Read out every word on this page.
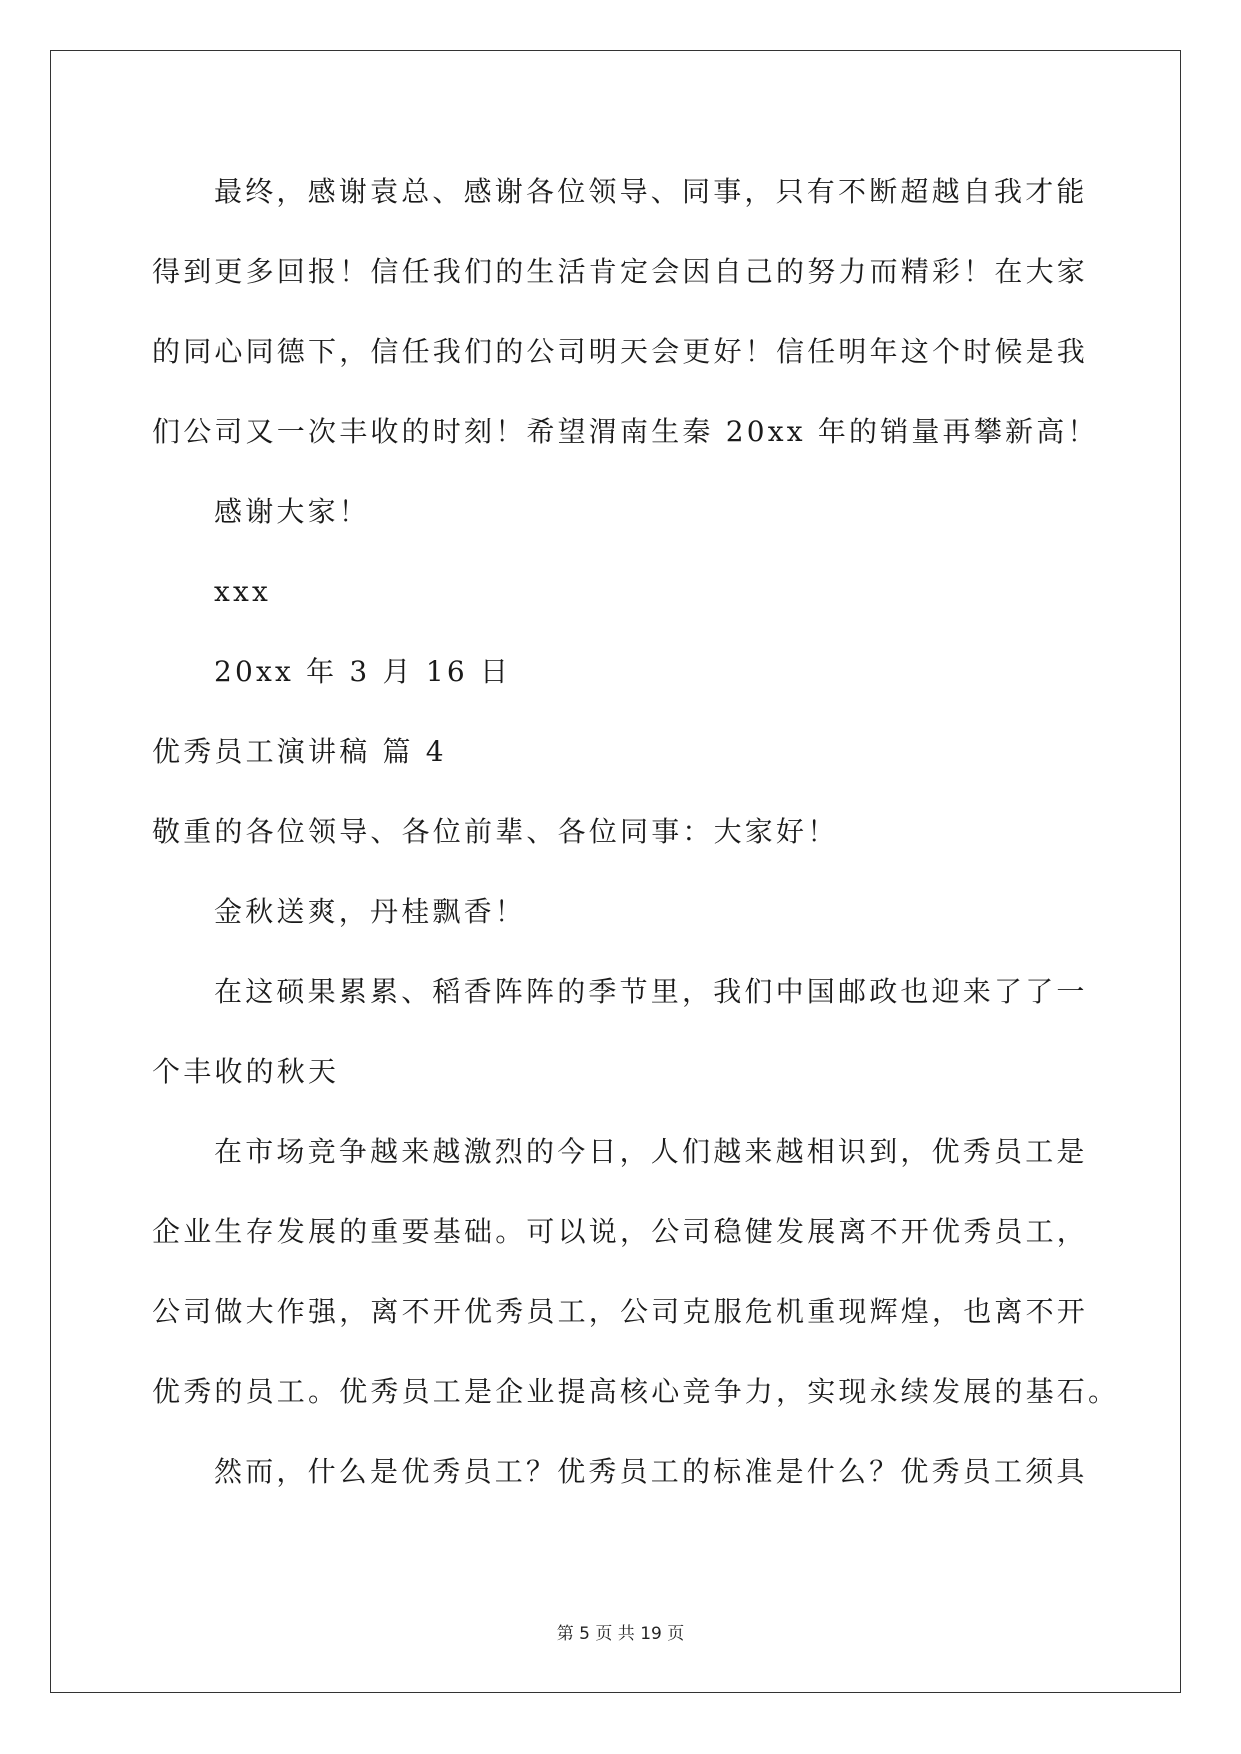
最终，感谢袁总、感谢各位领导、同事，只有不断超越自我才能
得到更多回报！信任我们的生活肯定会因自己的努力而精彩！在大家
的同心同德下，信任我们的公司明天会更好！信任明年这个时候是我
们公司又一次丰收的时刻！希望渭南生秦 20xx 年的销量再攀新高！
感谢大家！
xxx
20xx 年 3 月 16 日
优秀员工演讲稿 篇 4
敬重的各位领导、各位前辈、各位同事：大家好！
金秋送爽，丹桂飘香！
在这硕果累累、稻香阵阵的季节里，我们中国邮政也迎来了了一
个丰收的秋天
在市场竞争越来越激烈的今日，人们越来越相识到，优秀员工是
企业生存发展的重要基础。可以说，公司稳健发展离不开优秀员工，
公司做大作强，离不开优秀员工，公司克服危机重现辉煌，也离不开
优秀的员工。优秀员工是企业提高核心竞争力，实现永续发展的基石。
然而，什么是优秀员工？优秀员工的标准是什么？优秀员工须具
第 5 页 共 19 页
